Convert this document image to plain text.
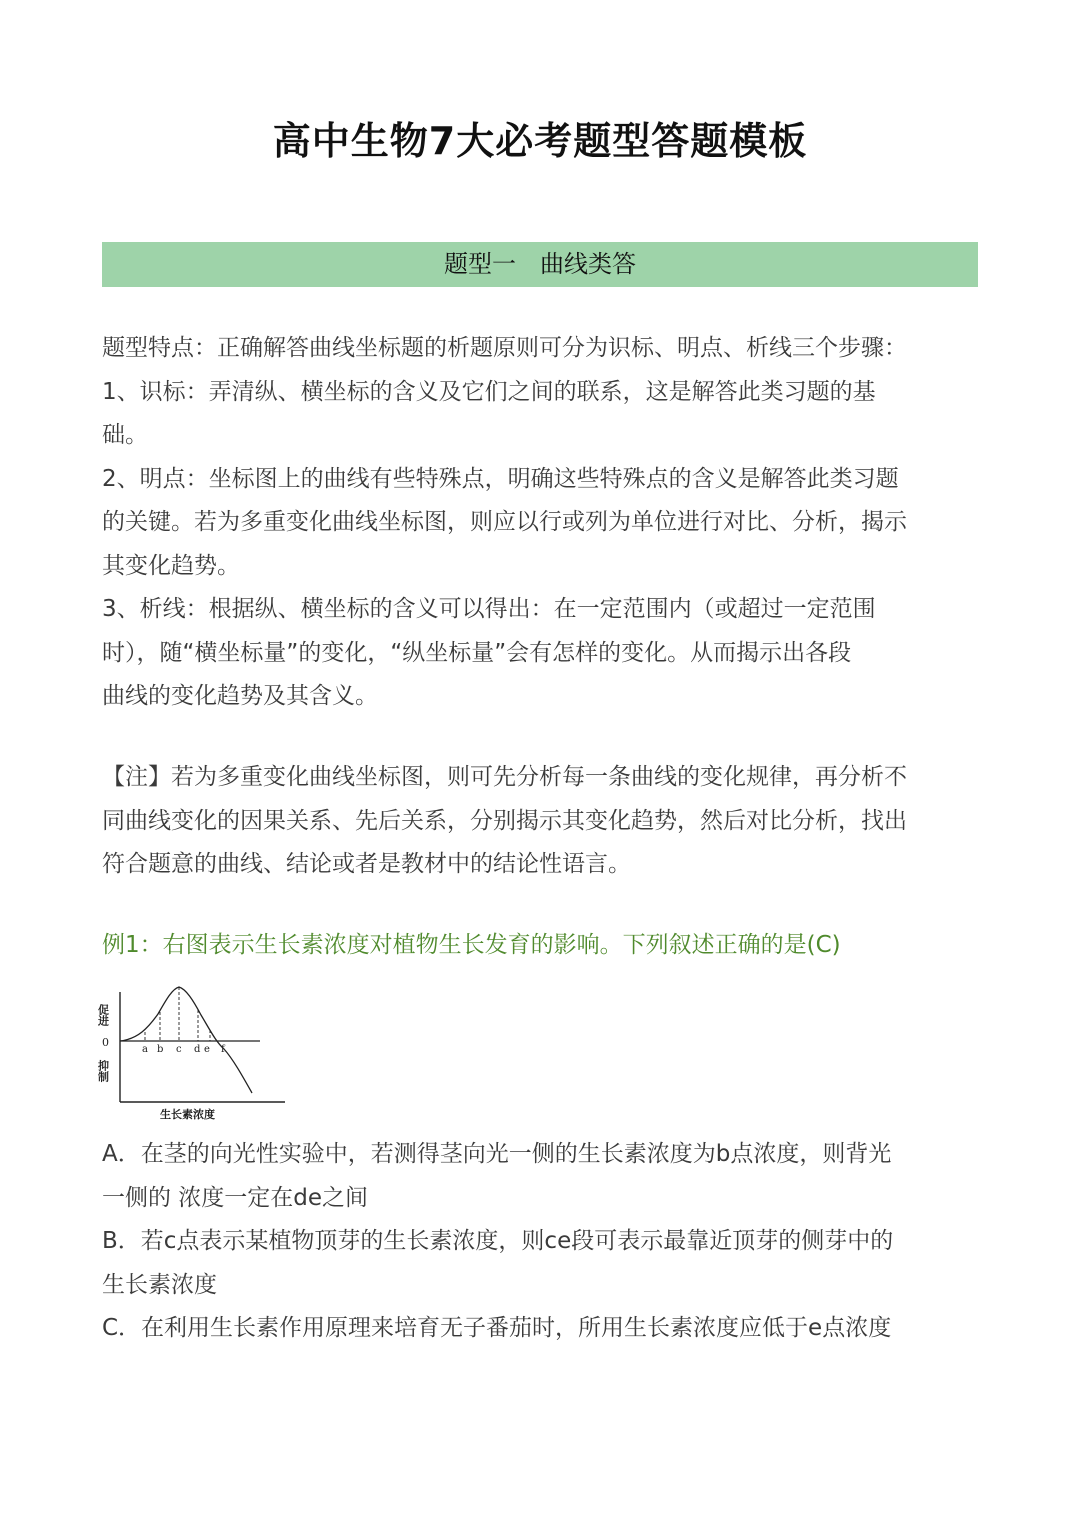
高中生物7大必考题型答题模板
题型一　曲线类答
题型特点：正确解答曲线坐标题的析题原则可分为识标、明点、析线三个步骤：
1、识标：弄清纵、横坐标的含义及它们之间的联系，这是解答此类习题的基
础。
2、明点：坐标图上的曲线有些特殊点，明确这些特殊点的含义是解答此类习题
的关键。若为多重变化曲线坐标图，则应以行或列为单位进行对比、分析，揭示
其变化趋势。
3、析线：根据纵、横坐标的含义可以得出：在一定范围内（或超过一定范围
时），随“横坐标量”的变化，“纵坐标量”会有怎样的变化。从而揭示出各段
曲线的变化趋势及其含义。
【注】若为多重变化曲线坐标图，则可先分析每一条曲线的变化规律，再分析不
同曲线变化的因果关系、先后关系，分别揭示其变化趋势，然后对比分析，找出
符合题意的曲线、结论或者是教材中的结论性语言。
例1：右图表示生长素浓度对植物生长发育的影响。下列叙述正确的是(C)
促进
0
抑制
a b c d e f
生长素浓度
A．在茎的向光性实验中，若测得茎向光一侧的生长素浓度为b点浓度，则背光
一侧的 浓度一定在de之间
B．若c点表示某植物顶芽的生长素浓度，则ce段可表示最靠近顶芽的侧芽中的
生长素浓度
C．在利用生长素作用原理来培育无子番茄时，所用生长素浓度应低于e点浓度
